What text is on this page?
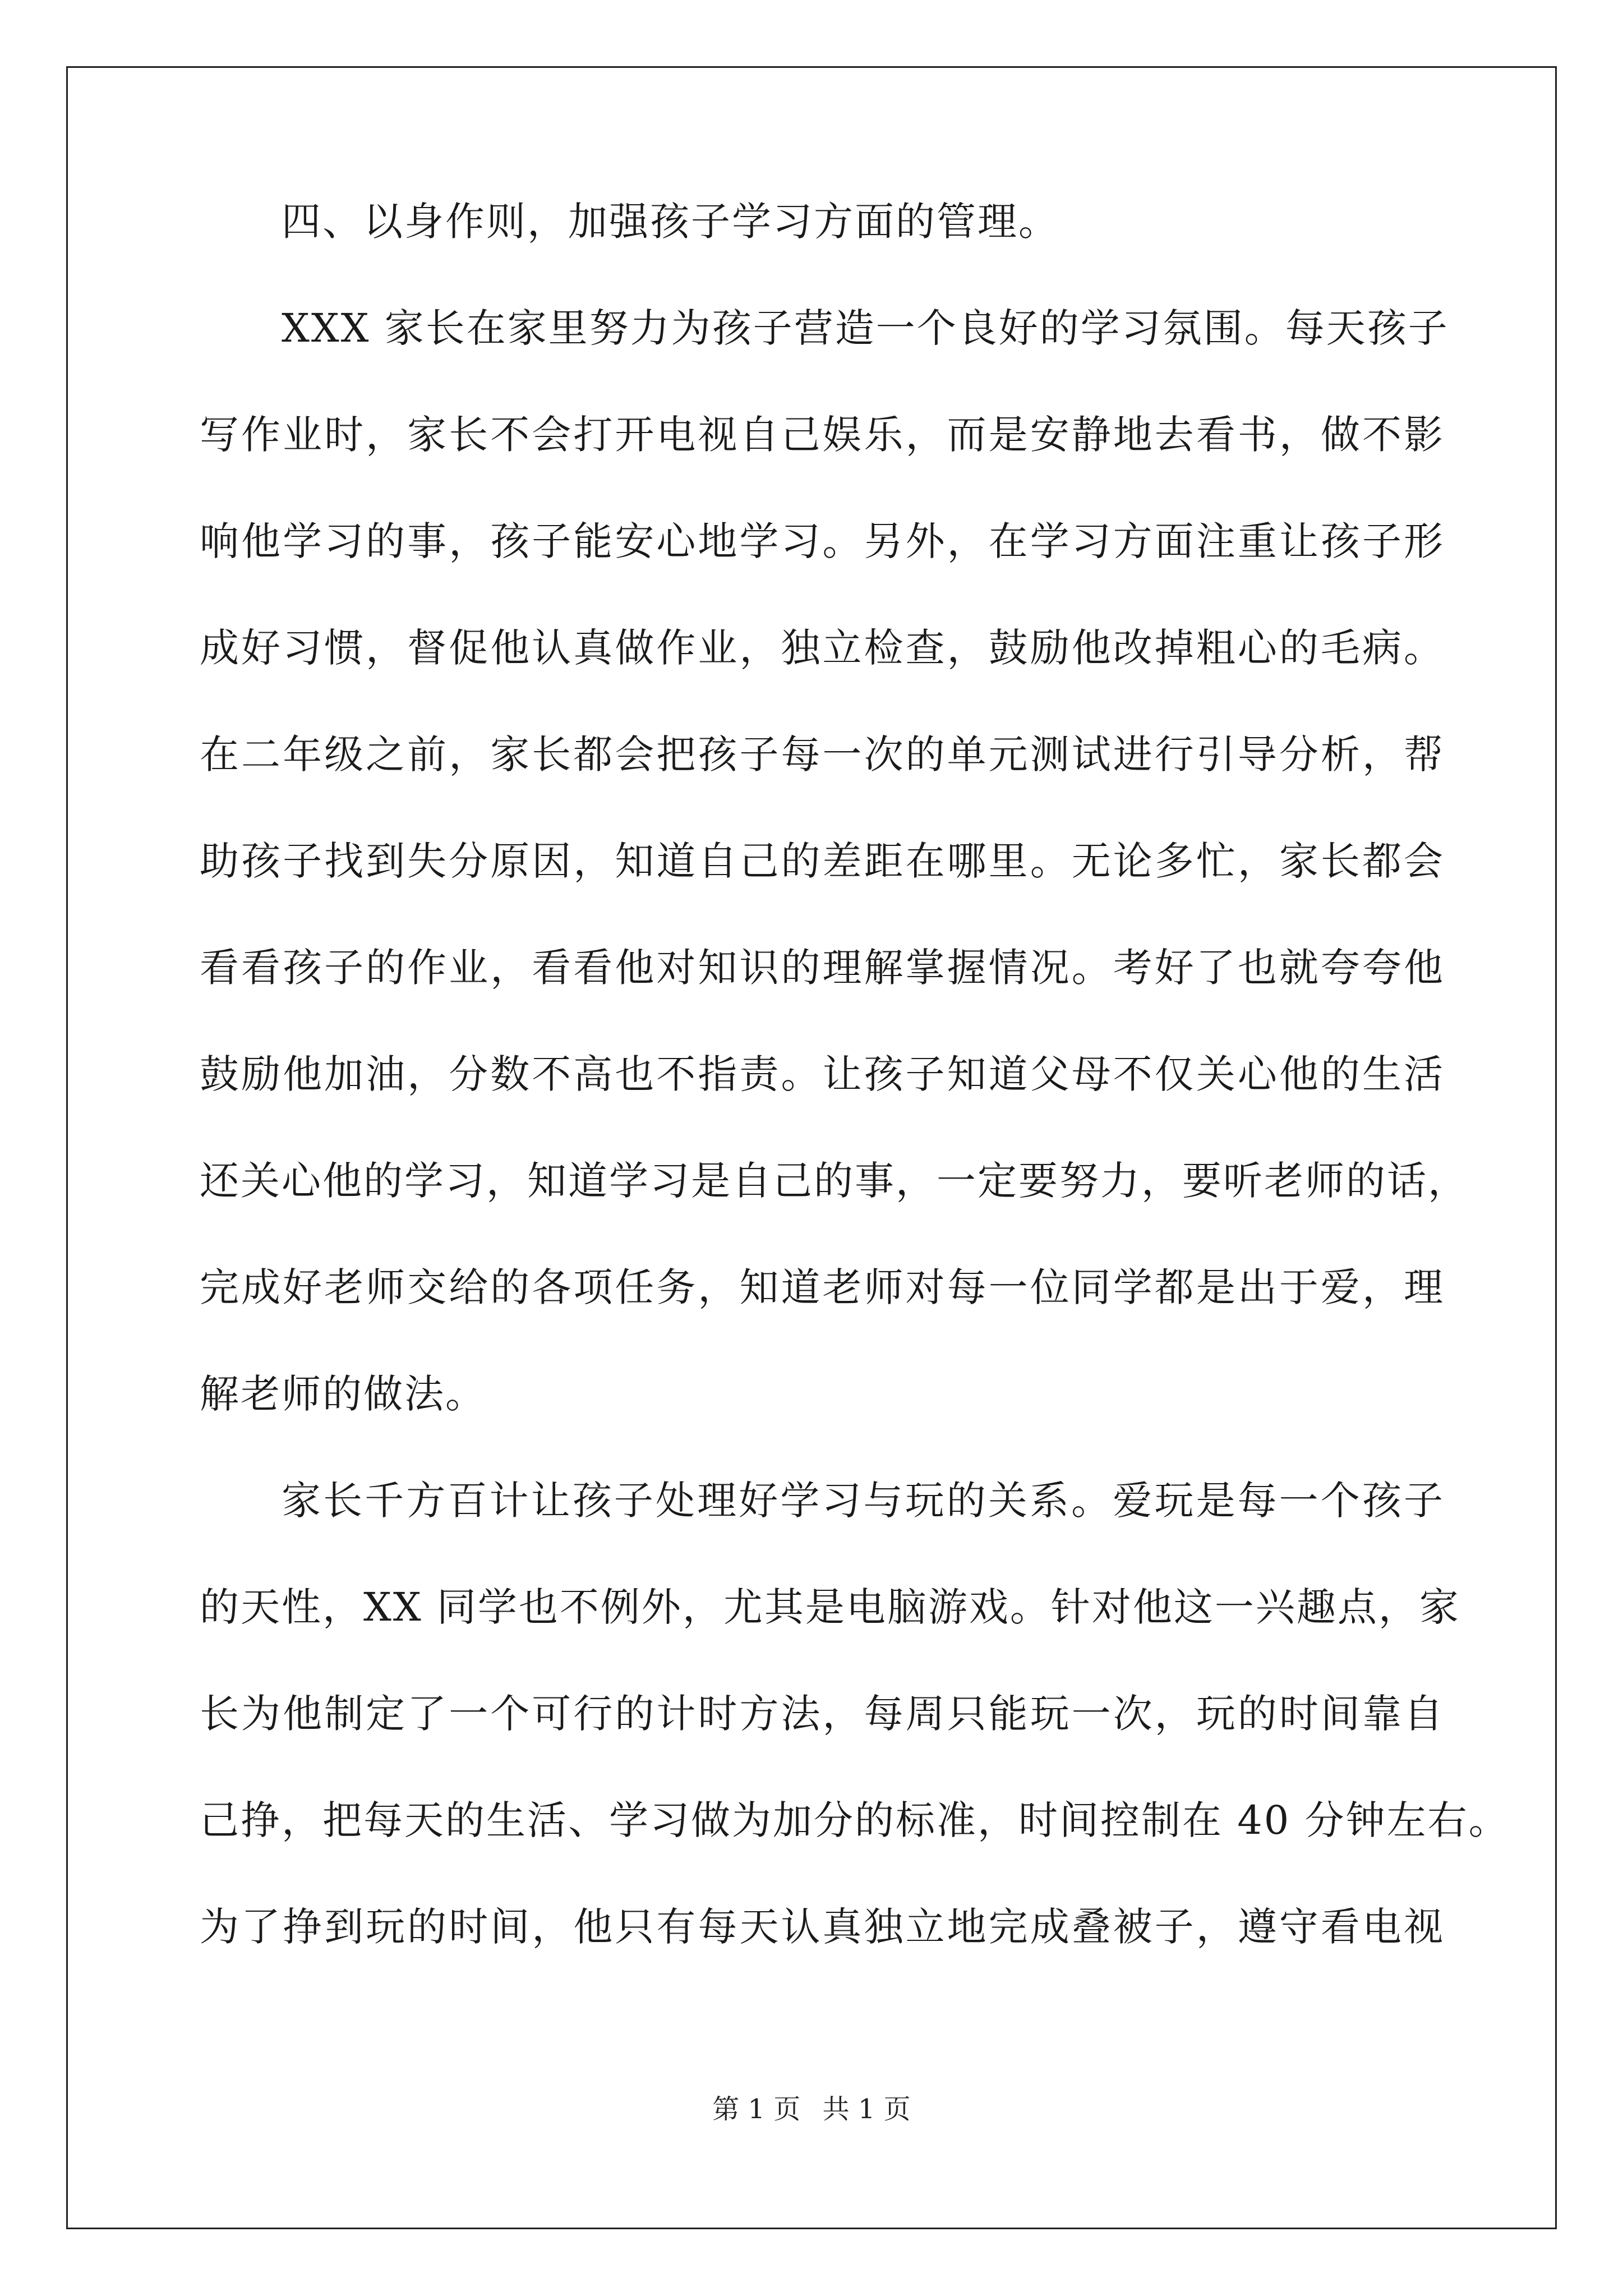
四、以身作则，加强孩子学习方面的管理。
XXX 家长在家里努力为孩子营造一个良好的学习氛围。每天孩子
写作业时，家长不会打开电视自己娱乐，而是安静地去看书，做不影
响他学习的事，孩子能安心地学习。另外，在学习方面注重让孩子形
成好习惯，督促他认真做作业，独立检查，鼓励他改掉粗心的毛病。
在二年级之前，家长都会把孩子每一次的单元测试进行引导分析，帮
助孩子找到失分原因，知道自己的差距在哪里。无论多忙，家长都会
看看孩子的作业，看看他对知识的理解掌握情况。考好了也就夸夸他
鼓励他加油，分数不高也不指责。让孩子知道父母不仅关心他的生活
还关心他的学习，知道学习是自己的事，一定要努力，要听老师的话，
完成好老师交给的各项任务，知道老师对每一位同学都是出于爱，理
解老师的做法。
家长千方百计让孩子处理好学习与玩的关系。爱玩是每一个孩子
的天性，XX 同学也不例外，尤其是电脑游戏。针对他这一兴趣点，家
长为他制定了一个可行的计时方法，每周只能玩一次，玩的时间靠自
己挣，把每天的生活、学习做为加分的标准，时间控制在 40 分钟左右。
为了挣到玩的时间，他只有每天认真独立地完成叠被子，遵守看电视
第 1 页 共 1 页
